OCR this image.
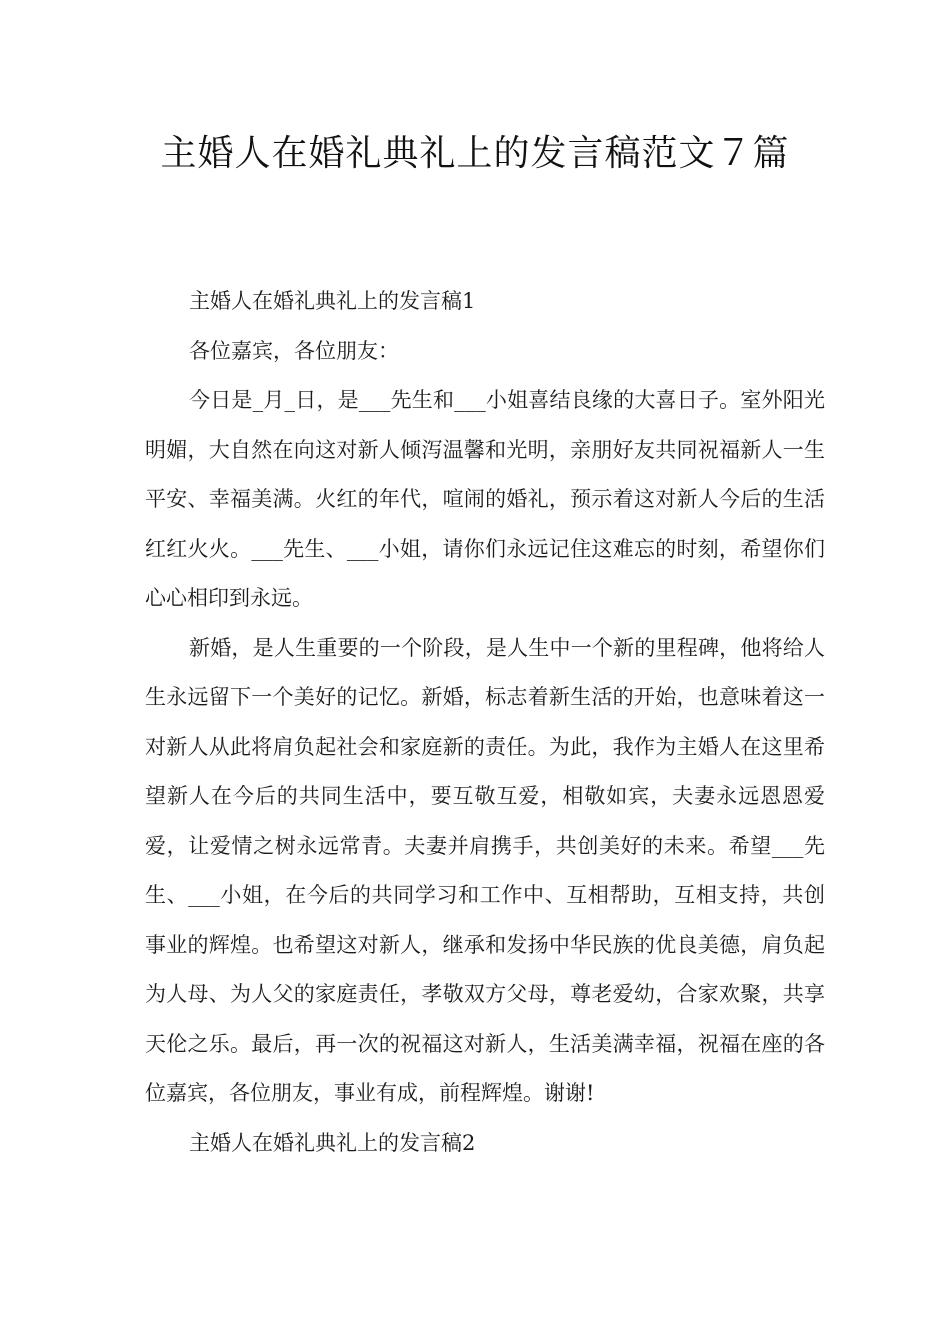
主婚人在婚礼典礼上的发言稿范文７篇

主婚人在婚礼典礼上的发言稿1

各位嘉宾，各位朋友：

今日是_月_日，是___先生和___小姐喜结良缘的大喜日子。室外阳光明媚，大自然在向这对新人倾泻温馨和光明，亲朋好友共同祝福新人一生平安、幸福美满。火红的年代，喧闹的婚礼，预示着这对新人今后的生活红红火火。___先生、___小姐，请你们永远记住这难忘的时刻，希望你们心心相印到永远。

新婚，是人生重要的一个阶段，是人生中一个新的里程碑，他将给人生永远留下一个美好的记忆。新婚，标志着新生活的开始，也意味着这一对新人从此将肩负起社会和家庭新的责任。为此，我作为主婚人在这里希望新人在今后的共同生活中，要互敬互爱，相敬如宾，夫妻永远恩恩爱爱，让爱情之树永远常青。夫妻并肩携手，共创美好的未来。希望___先生、___小姐，在今后的共同学习和工作中、互相帮助，互相支持，共创事业的辉煌。也希望这对新人，继承和发扬中华民族的优良美德，肩负起为人母、为人父的家庭责任，孝敬双方父母，尊老爱幼，合家欢聚，共享天伦之乐。最后，再一次的祝福这对新人，生活美满幸福，祝福在座的各位嘉宾，各位朋友，事业有成，前程辉煌。谢谢!

主婚人在婚礼典礼上的发言稿2
